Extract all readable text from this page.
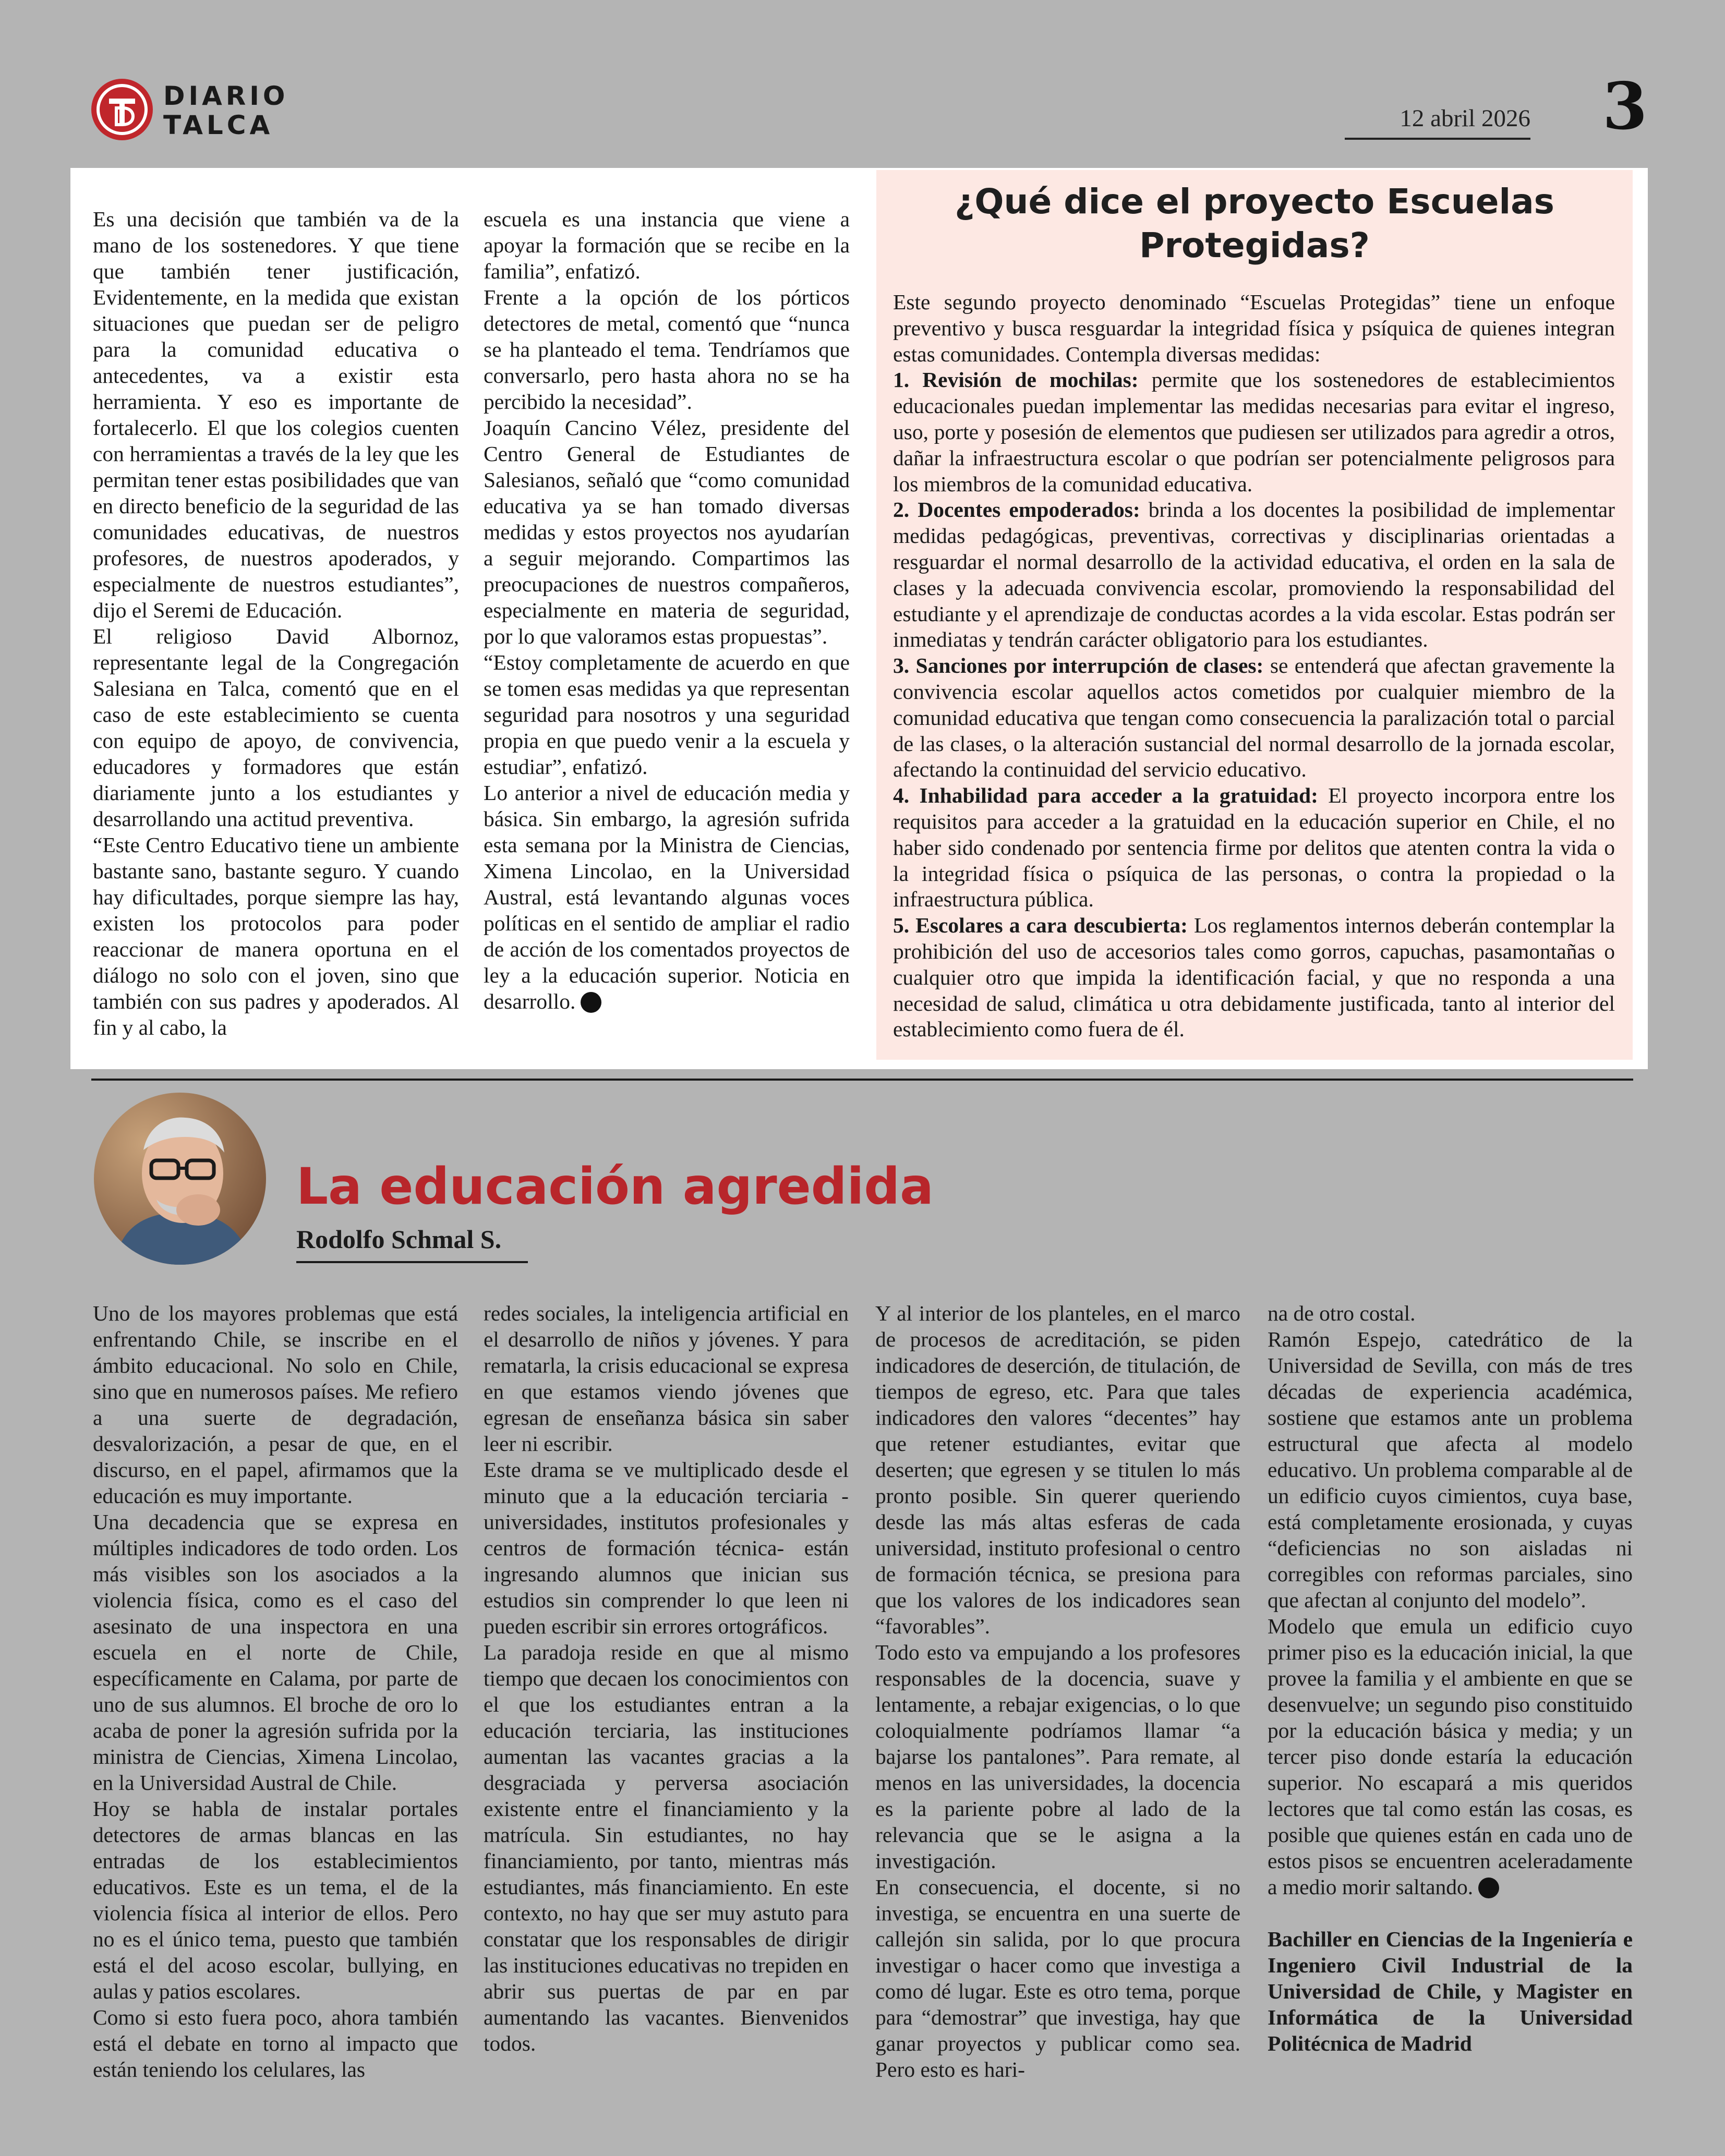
DIARIO
TALCA	12 abril 2026 3

Es una decisión que también va de la mano de los sostenedores. Y que tiene que también tener justificación, Evidentemente, en la medida que existan situaciones que puedan ser de peligro para la comunidad educativa o antecedentes, va a existir esta herramienta. Y eso es importante de fortalecerlo. El que los colegios cuenten con herramientas a través de la ley que les permitan tener estas posibilidades que van en directo beneficio de la seguridad de las comunidades educativas, de nuestros profesores, de nuestros apoderados, y especialmente de nuestros estudiantes”, dijo el Seremi de Educación.

El religioso David Albornoz, representante legal de la Congregación Salesiana en Talca, comentó que en el caso de este establecimiento se cuenta con equipo de apoyo, de convivencia, educadores y formadores que están diariamente junto a los estudiantes y desarrollando una actitud preventiva.

“Este Centro Educativo tiene un ambiente bastante sano, bastante seguro. Y cuando hay dificultades, porque siempre las hay, existen los protocolos para poder reaccionar de manera oportuna en el diálogo no solo con el joven, sino que también con sus padres y apoderados. Al fin y al cabo, la

escuela es una instancia que viene a apoyar la formación que se recibe en la familia”, enfatizó.

Frente a la opción de los pórticos detectores de metal, comentó que “nunca se ha planteado el tema. Tendríamos que conversarlo, pero hasta ahora no se ha percibido la necesidad”.

Joaquín Cancino Vélez, presidente del Centro General de Estudiantes de Salesianos, señaló que “como comunidad educativa ya se han tomado diversas medidas y estos proyectos nos ayudarían a seguir mejorando. Compartimos las preocupaciones de nuestros compañeros, especialmente en materia de seguridad, por lo que valoramos estas propuestas”.

“Estoy completamente de acuerdo en que se tomen esas medidas ya que representan seguridad para nosotros y una seguridad propia en que puedo venir a la escuela y estudiar”, enfatizó.

Lo anterior a nivel de educación media y básica. Sin embargo, la agresión sufrida esta semana por la Ministra de Ciencias, Ximena Lincolao, en la Universidad Austral, está levantando algunas voces políticas en el sentido de ampliar el radio de acción de los comentados proyectos de ley a la educación superior. Noticia en desarrollo.

¿Qué dice el proyecto Escuelas Protegidas?

Este segundo proyecto denominado “Escuelas Protegidas” tiene un enfoque preventivo y busca resguardar la integridad física y psíquica de quienes integran estas comunidades. Contempla diversas medidas:

1. Revisión de mochilas: permite que los sostenedores de establecimientos educacionales puedan implementar las medidas necesarias para evitar el ingreso, uso, porte y posesión de elementos que pudiesen ser utilizados para agredir a otros, dañar la infraestructura escolar o que podrían ser potencialmente peligrosos para los miembros de la comunidad educativa.

2. Docentes empoderados: brinda a los docentes la posibilidad de implementar medidas pedagógicas, preventivas, correctivas y disciplinarias orientadas a resguardar el normal desarrollo de la actividad educativa, el orden en la sala de clases y la adecuada convivencia escolar, promoviendo la responsabilidad del estudiante y el aprendizaje de conductas acordes a la vida escolar. Estas podrán ser inmediatas y tendrán carácter obligatorio para los estudiantes.

3. Sanciones por interrupción de clases: se entenderá que afectan gravemente la convivencia escolar aquellos actos cometidos por cualquier miembro de la comunidad educativa que tengan como consecuencia la paralización total o parcial de las clases, o la alteración sustancial del normal desarrollo de la jornada escolar, afectando la continuidad del servicio educativo.

4. Inhabilidad para acceder a la gratuidad: El proyecto incorpora entre los requisitos para acceder a la gratuidad en la educación superior en Chile, el no haber sido condenado por sentencia firme por delitos que atenten contra la vida o la integridad física o psíquica de las personas, o contra la propiedad o la infraestructura pública.

5. Escolares a cara descubierta: Los reglamentos internos deberán contemplar la prohibición del uso de accesorios tales como gorros, capuchas, pasamontañas o cualquier otro que impida la identificación facial, y que no responda a una necesidad de salud, climática u otra debidamente justificada, tanto al interior del establecimiento como fuera de él.

La educación agredida
Rodolfo Schmal S.

Uno de los mayores problemas que está enfrentando Chile, se inscribe en el ámbito educacional. No solo en Chile, sino que en numerosos países. Me refiero a una suerte de degradación, desvalorización, a pesar de que, en el discurso, en el papel, afirmamos que la educación es muy importante.

Una decadencia que se expresa en múltiples indicadores de todo orden. Los más visibles son los asociados a la violencia física, como es el caso del asesinato de una inspectora en una escuela en el norte de Chile, específicamente en Calama, por parte de uno de sus alumnos. El broche de oro lo acaba de poner la agresión sufrida por la ministra de Ciencias, Ximena Lincolao, en la Universidad Austral de Chile.

Hoy se habla de instalar portales detectores de armas blancas en las entradas de los establecimientos educativos. Este es un tema, el de la violencia física al interior de ellos. Pero no es el único tema, puesto que también está el del acoso escolar, bullying, en aulas y patios escolares.

Como si esto fuera poco, ahora también está el debate en torno al impacto que están teniendo los celulares, las

redes sociales, la inteligencia artificial en el desarrollo de niños y jóvenes. Y para rematarla, la crisis educacional se expresa en que estamos viendo jóvenes que egresan de enseñanza básica sin saber leer ni escribir.

Este drama se ve multiplicado desde el minuto que a la educación terciaria -universidades, institutos profesionales y centros de formación técnica- están ingresando alumnos que inician sus estudios sin comprender lo que leen ni pueden escribir sin errores ortográficos.

La paradoja reside en que al mismo tiempo que decaen los conocimientos con el que los estudiantes entran a la educación terciaria, las instituciones aumentan las vacantes gracias a la desgraciada y perversa asociación existente entre el financiamiento y la matrícula. Sin estudiantes, no hay financiamiento, por tanto, mientras más estudiantes, más financiamiento. En este contexto, no hay que ser muy astuto para constatar que los responsables de dirigir las instituciones educativas no trepiden en abrir sus puertas de par en par aumentando las vacantes. Bienvenidos todos.

Y al interior de los planteles, en el marco de procesos de acreditación, se piden indicadores de deserción, de titulación, de tiempos de egreso, etc. Para que tales indicadores den valores “decentes” hay que retener estudiantes, evitar que deserten; que egresen y se titulen lo más pronto posible. Sin querer queriendo desde las más altas esferas de cada universidad, instituto profesional o centro de formación técnica, se presiona para que los valores de los indicadores sean “favorables”.

Todo esto va empujando a los profesores responsables de la docencia, suave y lentamente, a rebajar exigencias, o lo que coloquialmente podríamos llamar “a bajarse los pantalones”. Para remate, al menos en las universidades, la docencia es la pariente pobre al lado de la relevancia que se le asigna a la investigación.

En consecuencia, el docente, si no investiga, se encuentra en una suerte de callejón sin salida, por lo que procura investigar o hacer como que investiga a como dé lugar. Este es otro tema, porque para “demostrar” que investiga, hay que ganar proyectos y publicar como sea. Pero esto es hari-

na de otro costal.

Ramón Espejo, catedrático de la Universidad de Sevilla, con más de tres décadas de experiencia académica, sostiene que estamos ante un problema estructural que afecta al modelo educativo. Un problema comparable al de un edificio cuyos cimientos, cuya base, está completamente erosionada, y cuyas “deficiencias no son aisladas ni corregibles con reformas parciales, sino que afectan al conjunto del modelo”.

Modelo que emula un edificio cuyo primer piso es la educación inicial, la que provee la familia y el ambiente en que se desenvuelve; un segundo piso constituido por la educación básica y media; y un tercer piso donde estaría la educación superior. No escapará a mis queridos lectores que tal como están las cosas, es posible que quienes están en cada uno de estos pisos se encuentren aceleradamente a medio morir saltando.

Bachiller en Ciencias de la Ingeniería e Ingeniero Civil Industrial de la Universidad de Chile, y Magister en Informática de la Universidad Politécnica de Madrid
